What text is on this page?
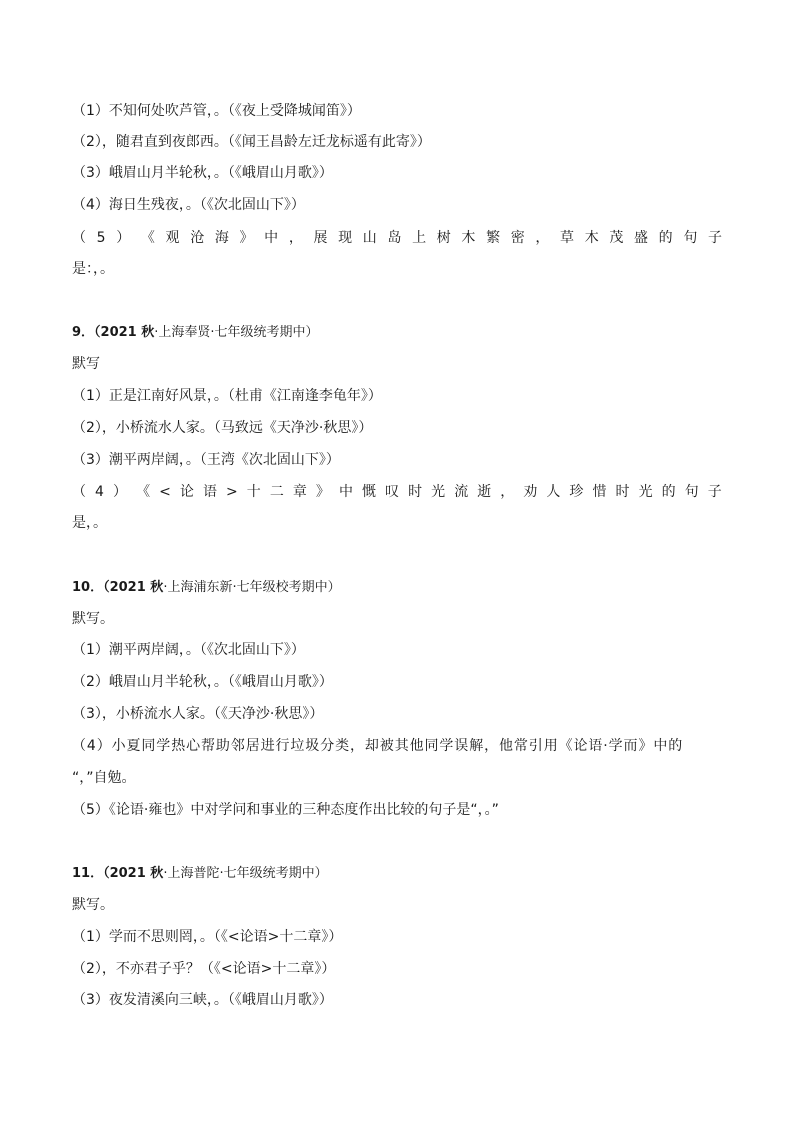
（1）不知何处吹芦管，。（《夜上受降城闻笛》）
（2），随君直到夜郎西。（《闻王昌龄左迁龙标遥有此寄》）
（3）峨眉山月半轮秋，。（《峨眉山月歌》）
（4）海日生残夜，。（《次北固山下》）
（ 5 ） 《 观 沧 海 》 中 ， 展 现 山 岛 上 树 木 繁 密 ， 草 木 茂 盛 的 句 子
是：，。
9．（2021 秋·上海奉贤·七年级统考期中）
默写
（1）正是江南好风景，。（杜甫《江南逢李龟年》）
（2），小桥流水人家。（马致远《天净沙·秋思》）
（3）潮平两岸阔，。（王湾《次北固山下》）
（ 4 ） 《 < 论 语 > 十 二 章 》 中 慨 叹 时 光 流 逝 ， 劝 人 珍 惜 时 光 的 句 子
是，。
10．（2021 秋·上海浦东新·七年级校考期中）
默写。
（1）潮平两岸阔，。（《次北固山下》）
（2）峨眉山月半轮秋，。（《峨眉山月歌》）
（3），小桥流水人家。（《天净沙·秋思》）
（4）小夏同学热心帮助邻居进行垃圾分类，却被其他同学误解，他常引用《论语·学而》中的
“，”自勉。
（5）《论语·雍也》中对学问和事业的三种态度作出比较的句子是“，。”
11．（2021 秋·上海普陀·七年级统考期中）
默写。
（1）学而不思则罔，。（《<论语>十二章》）
（2），不亦君子乎？（《<论语>十二章》）
（3）夜发清溪向三峡，。（《峨眉山月歌》）
